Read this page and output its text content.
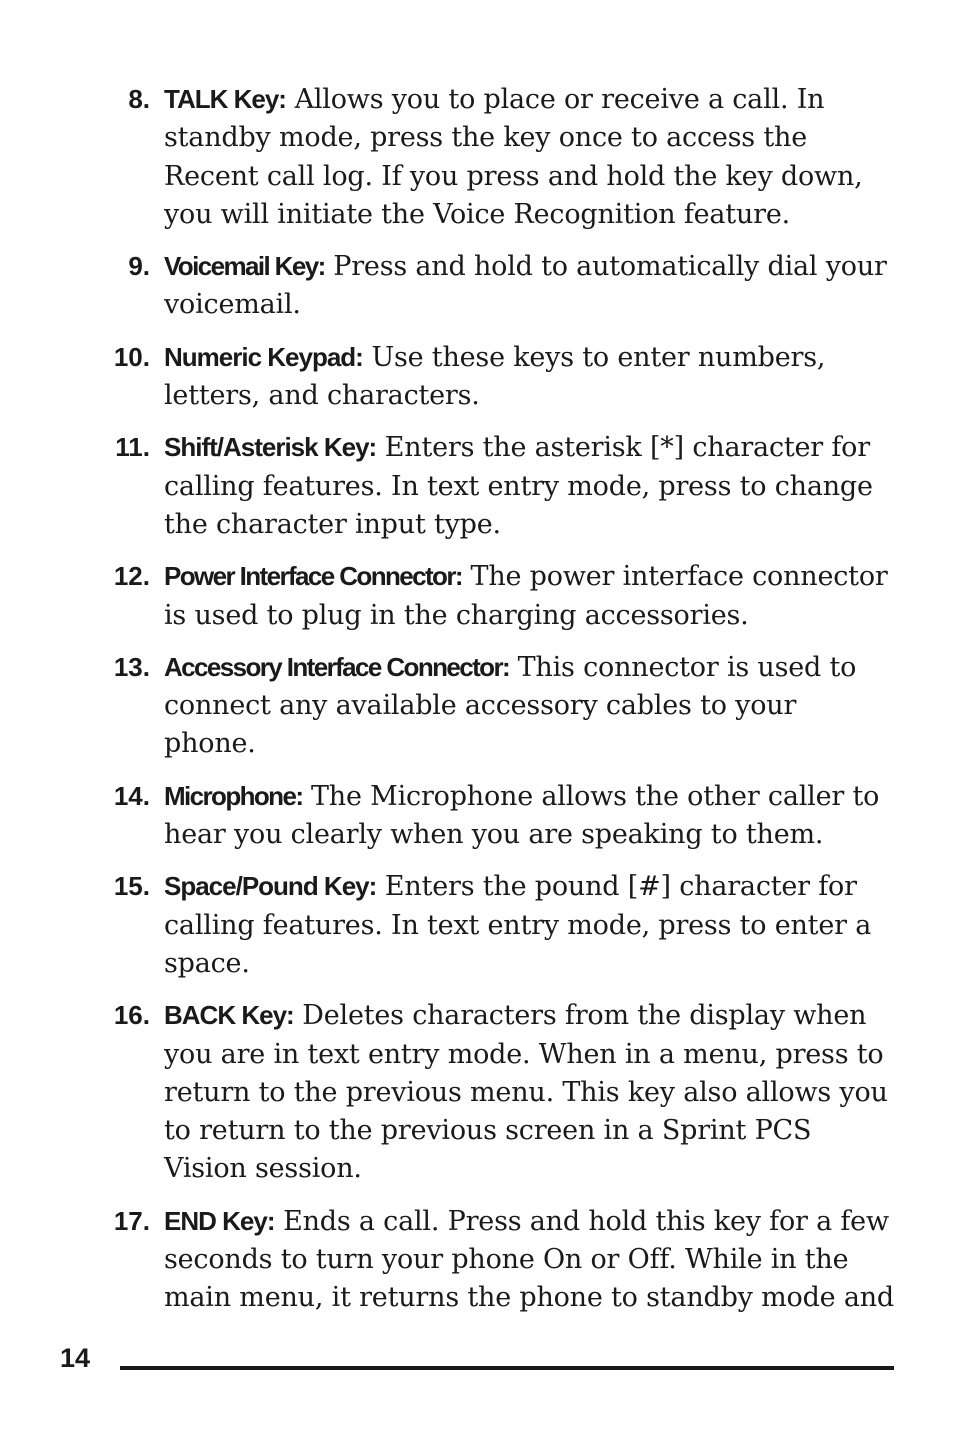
8. TALK Key: Allows you to place or receive a call. In standby mode, press the key once to access the Recent call log. If you press and hold the key down, you will initiate the Voice Recognition feature.
9. Voicemail Key: Press and hold to automatically dial your voicemail.
10. Numeric Keypad: Use these keys to enter numbers, letters, and characters.
11. Shift/Asterisk Key: Enters the asterisk [*] character for calling features. In text entry mode, press to change the character input type.
12. Power Interface Connector: The power interface connector is used to plug in the charging accessories.
13. Accessory Interface Connector: This connector is used to connect any available accessory cables to your phone.
14. Microphone: The Microphone allows the other caller to hear you clearly when you are speaking to them.
15. Space/Pound Key: Enters the pound [#] character for calling features. In text entry mode, press to enter a space.
16. BACK Key: Deletes characters from the display when you are in text entry mode. When in a menu, press to return to the previous menu. This key also allows you to return to the previous screen in a Sprint PCS Vision session.
17. END Key: Ends a call. Press and hold this key for a few seconds to turn your phone On or Off. While in the main menu, it returns the phone to standby mode and
14
